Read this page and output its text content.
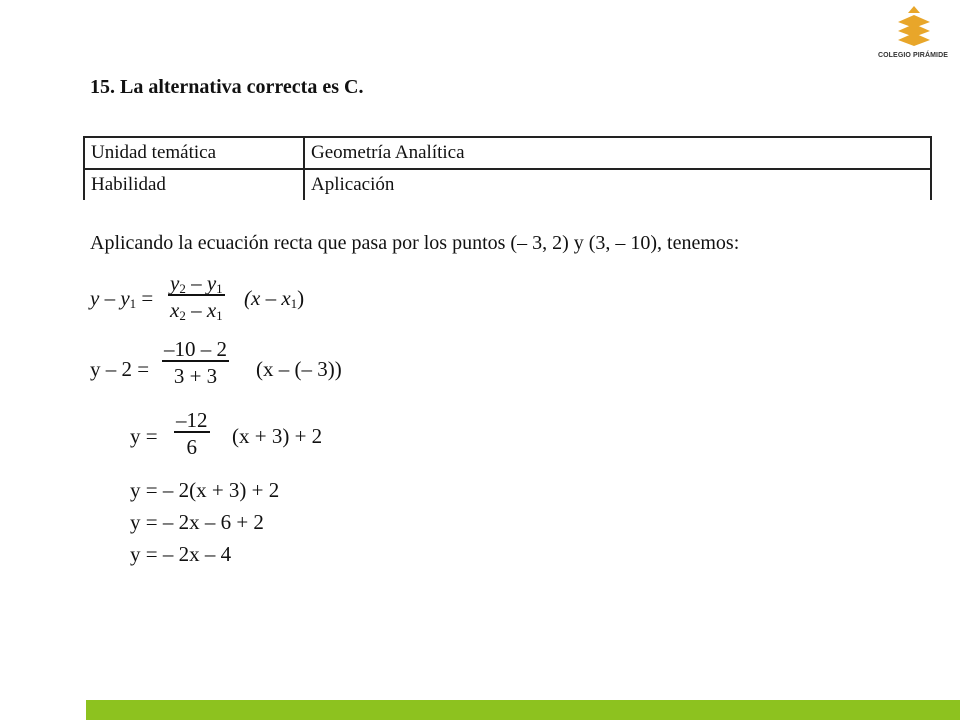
COLEGIO PIRÁMIDE
15. La alternativa correcta es C.
Unidad temática	Geometría Analítica
Habilidad	Aplicación
Aplicando la ecuación recta que pasa por los puntos (– 3, 2) y (3, – 10), tenemos:
$y - y_1 = \frac{y_2 - y_1}{x_2 - x_1} (x - x_1)$
$y - 2 = \frac{-10 - 2}{3 + 3} (x$ – (– 3))
$y = \frac{-12}{6} (x + 3) + 2$
y = – 2(x + 3) + 2
y = – 2x – 6 + 2
y = – 2x – 4
